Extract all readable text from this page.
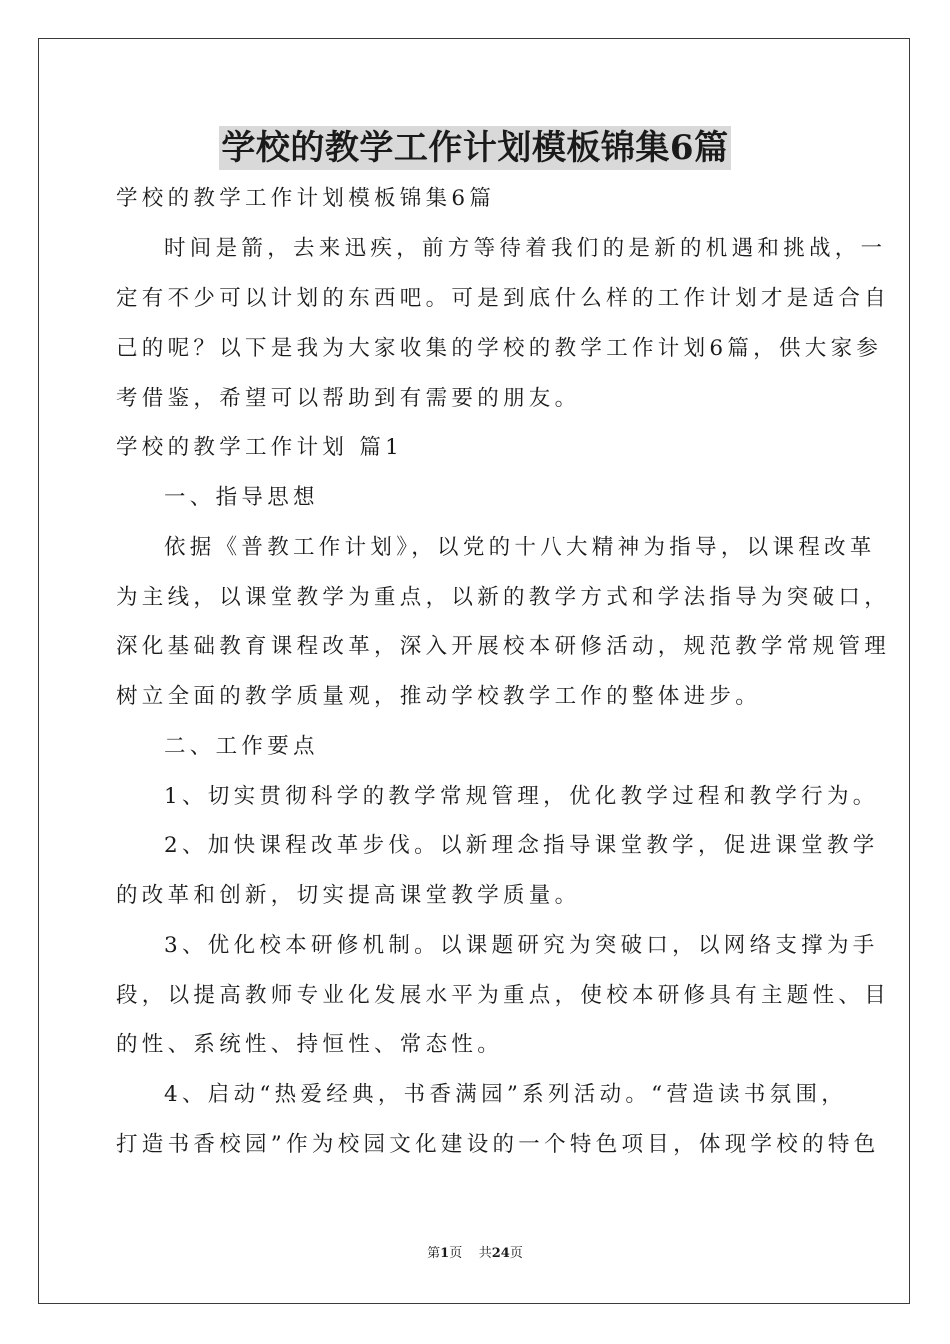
学校的教学工作计划模板锦集6篇
学校的教学工作计划模板锦集6篇
时间是箭，去来迅疾，前方等待着我们的是新的机遇和挑战，一
定有不少可以计划的东西吧。可是到底什么样的工作计划才是适合自
己的呢？以下是我为大家收集的学校的教学工作计划6篇，供大家参
考借鉴，希望可以帮助到有需要的朋友。
学校的教学工作计划 篇1
一、指导思想
依据《普教工作计划》，以党的十八大精神为指导，以课程改革
为主线，以课堂教学为重点，以新的教学方式和学法指导为突破口，
深化基础教育课程改革，深入开展校本研修活动，规范教学常规管理
树立全面的教学质量观，推动学校教学工作的整体进步。
二、工作要点
1、切实贯彻科学的教学常规管理，优化教学过程和教学行为。
2、加快课程改革步伐。以新理念指导课堂教学，促进课堂教学
的改革和创新，切实提高课堂教学质量。
3、优化校本研修机制。以课题研究为突破口，以网络支撑为手
段，以提高教师专业化发展水平为重点，使校本研修具有主题性、目
的性、系统性、持恒性、常态性。
4、启动“热爱经典，书香满园”系列活动。“营造读书氛围，
打造书香校园”作为校园文化建设的一个特色项目，体现学校的特色
第1页    共24页
